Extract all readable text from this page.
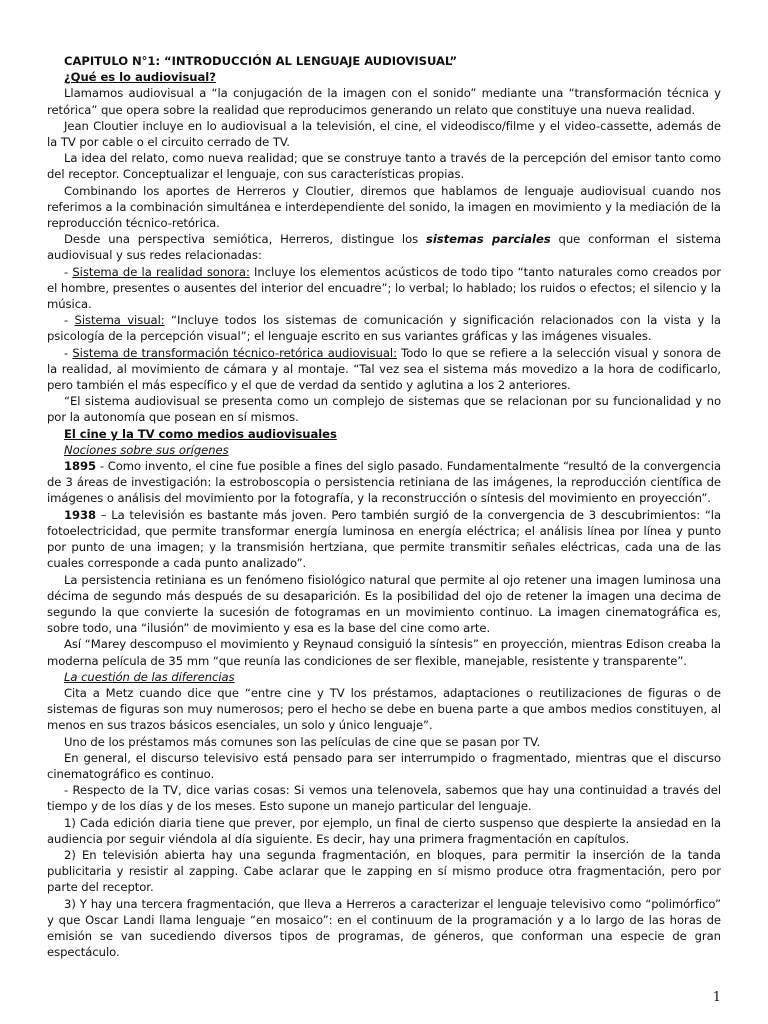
CAPITULO N°1: “INTRODUCCIÓN AL LENGUAJE AUDIOVISUAL”

¿Qué es lo audiovisual?

Llamamos audiovisual a “la conjugación de la imagen con el sonido” mediante una “transformación técnica y retórica” que opera sobre la realidad que reproducimos generando un relato que constituye una nueva realidad.

Jean Cloutier incluye en lo audiovisual a la televisión, el cine, el videodisco/filme y el video-cassette, además de la TV por cable o el circuito cerrado de TV.

La idea del relato, como nueva realidad; que se construye tanto a través de la percepción del emisor tanto como del receptor. Conceptualizar el lenguaje, con sus características propias.

Combinando los aportes de Herreros y Cloutier, diremos que hablamos de lenguaje audiovisual cuando nos referimos a la combinación simultánea e interdependiente del sonido, la imagen en movimiento y la mediación de la reproducción técnico-retórica.

Desde una perspectiva semiótica, Herreros, distingue los sistemas parciales que conforman el sistema audiovisual y sus redes relacionadas:

- Sistema de la realidad sonora: Incluye los elementos acústicos de todo tipo “tanto naturales como creados por el hombre, presentes o ausentes del interior del encuadre”; lo verbal; lo hablado; los ruidos o efectos; el silencio y la música.

- Sistema visual: “Incluye todos los sistemas de comunicación y significación relacionados con la vista y la psicología de la percepción visual”; el lenguaje escrito en sus variantes gráficas y las imágenes visuales.

- Sistema de transformación técnico-retórica audiovisual: Todo lo que se refiere a la selección visual y sonora de la realidad, al movimiento de cámara y al montaje. “Tal vez sea el sistema más movedizo a la hora de codificarlo, pero también el más específico y el que de verdad da sentido y aglutina a los 2 anteriores.

“El sistema audiovisual se presenta como un complejo de sistemas que se relacionan por su funcionalidad y no por la autonomía que posean en sí mismos.

El cine y la TV como medios audiovisuales

Nociones sobre sus orígenes

1895 - Como invento, el cine fue posible a fines del siglo pasado. Fundamentalmente “resultó de la convergencia de 3 áreas de investigación: la estroboscopia o persistencia retiniana de las imágenes, la reproducción científica de imágenes o análisis del movimiento por la fotografía, y la reconstrucción o síntesis del movimiento en proyección”.

1938 – La televisión es bastante más joven. Pero también surgió de la convergencia de 3 descubrimientos: “la fotoelectricidad, que permite transformar energía luminosa en energía eléctrica; el análisis línea por línea y punto por punto de una imagen; y la transmisión hertziana, que permite transmitir señales eléctricas, cada una de las cuales corresponde a cada punto analizado”.

La persistencia retiniana es un fenómeno fisiológico natural que permite al ojo retener una imagen luminosa una décima de segundo más después de su desaparición. Es la posibilidad del ojo de retener la imagen una decima de segundo la que convierte la sucesión de fotogramas en un movimiento continuo. La imagen cinematográfica es, sobre todo, una “ilusión” de movimiento y esa es la base del cine como arte.

Así “Marey descompuso el movimiento y Reynaud consiguió la síntesis” en proyección, mientras Edison creaba la moderna película de 35 mm “que reunía las condiciones de ser flexible, manejable, resistente y transparente”.

La cuestión de las diferencias

Cita a Metz cuando dice que “entre cine y TV los préstamos, adaptaciones o reutilizaciones de figuras o de sistemas de figuras son muy numerosos; pero el hecho se debe en buena parte a que ambos medios constituyen, al menos en sus trazos básicos esenciales, un solo y único lenguaje”.

Uno de los préstamos más comunes son las películas de cine que se pasan por TV.

En general, el discurso televisivo está pensado para ser interrumpido o fragmentado, mientras que el discurso cinematográfico es continuo.

- Respecto de la TV, dice varias cosas: Si vemos una telenovela, sabemos que hay una continuidad a través del tiempo y de los días y de los meses. Esto supone un manejo particular del lenguaje.

1) Cada edición diaria tiene que prever, por ejemplo, un final de cierto suspenso que despierte la ansiedad en la audiencia por seguir viéndola al día siguiente. Es decir, hay una primera fragmentación en capítulos.

2) En televisión abierta hay una segunda fragmentación, en bloques, para permitir la inserción de la tanda publicitaria y resistir al zapping. Cabe aclarar que le zapping en sí mismo produce otra fragmentación, pero por parte del receptor.

3) Y hay una tercera fragmentación, que lleva a Herreros a caracterizar el lenguaje televisivo como “polimórfico” y que Oscar Landi llama lenguaje “en mosaico”: en el continuum de la programación y a lo largo de las horas de emisión se van sucediendo diversos tipos de programas, de géneros, que conforman una especie de gran espectáculo.

1
